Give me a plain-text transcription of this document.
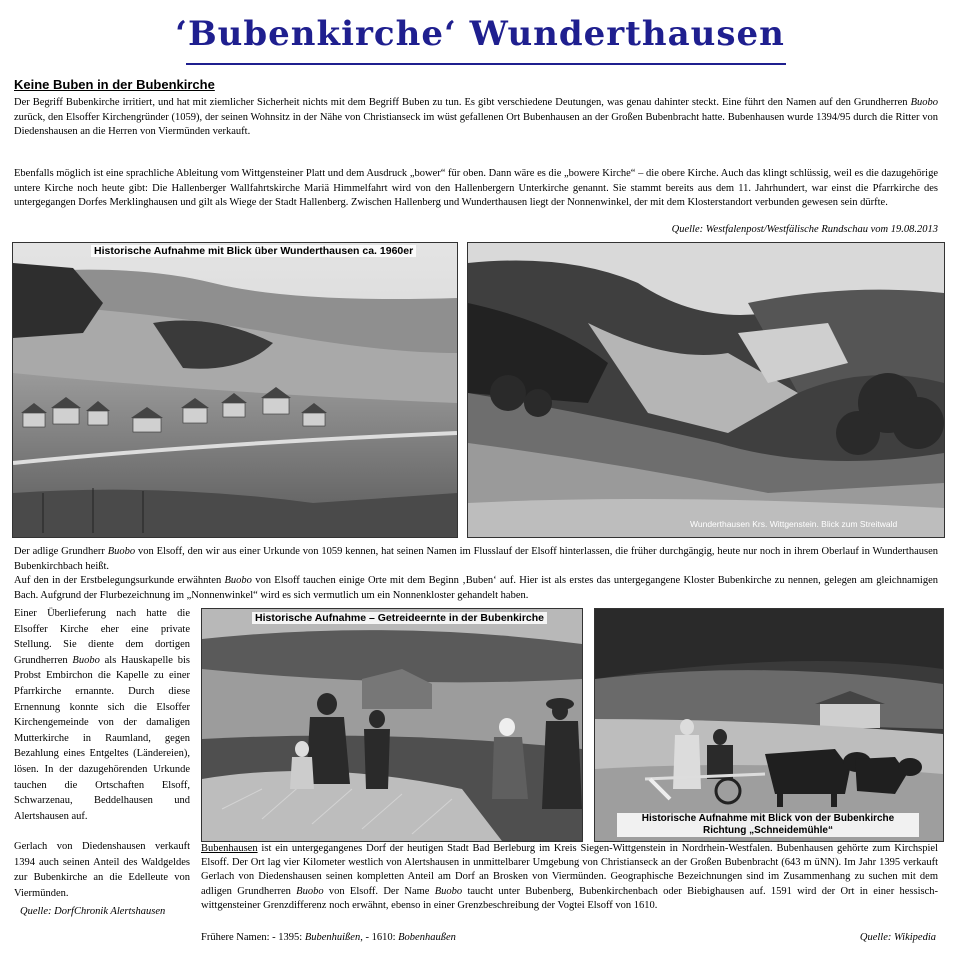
‘Bubenkirche‘ Wunderthausen
Keine Buben in der Bubenkirche
Der Begriff Bubenkirche irritiert, und hat mit ziemlicher Sicherheit nichts mit dem Begriff Buben zu tun. Es gibt verschiedene Deutungen, was genau dahinter steckt. Eine führt den Namen auf den Grundherren Buobo zurück, den Elsoffer Kirchengründer (1059), der seinen Wohnsitz in der Nähe von Christianseck im wüst gefallenen Ort Bubenhausen an der Großen Bubenbracht hatte. Bubenhausen wurde 1394/95 durch die Ritter von Diedenshausen an die Herren von Viermünden verkauft.
Ebenfalls möglich ist eine sprachliche Ableitung vom Wittgensteiner Platt und dem Ausdruck „bower“ für oben. Dann wäre es die „bowere Kirche“ – die obere Kirche. Auch das klingt schlüssig, weil es die dazugehörige untere Kirche noch heute gibt: Die Hallenberger Wallfahrtskirche Mariä Himmelfahrt wird von den Hallenbergern Unterkirche genannt. Sie stammt bereits aus dem 11. Jahrhundert, war einst die Pfarrkirche des untergegangen Dorfes Merklinghausen und gilt als Wiege der Stadt Hallenberg. Zwischen Hallenberg und Wunderthausen liegt der Nonnenwinkel, der mit dem Klosterstandort verbunden gewesen sein dürfte.
Quelle: Westfalenpost/Westfälische Rundschau vom 19.08.2013
Historische Aufnahme mit Blick über Wunderthausen ca. 1960er
Wunderthausen Krs. Wittgenstein. Blick zum Streitwald
Der adlige Grundherr Buobo von Elsoff, den wir aus einer Urkunde von 1059 kennen, hat seinen Namen im Flusslauf der Elsoff hinterlassen, die früher durchgängig, heute nur noch in ihrem Oberlauf in Wunderthausen Bubenkirchbach heißt.
Auf den in der Erstbelegungsurkunde erwähnten Buobo von Elsoff tauchen einige Orte mit dem Beginn ‚Buben‘ auf. Hier ist als erstes das untergegangene Kloster Bubenkirche zu nennen, gelegen am gleichnamigen Bach. Aufgrund der Flurbezeichnung im „Nonnenwinkel“ wird es sich vermutlich um ein Nonnenkloster gehandelt haben.
Einer Überlieferung nach hatte die Elsoffer Kirche eher eine private Stellung. Sie diente dem dortigen Grundherren Buobo als Hauskapelle bis Probst Embirchon die Kapelle zu einer Pfarrkirche ernannte. Durch diese Ernennung konnte sich die Elsoffer Kirchengemeinde von der damaligen Mutterkirche in Raumland, gegen Bezahlung eines Entgeltes (Ländereien), lösen. In der dazugehörenden Urkunde tauchen die Ortschaften Elsoff, Schwarzenau, Beddelhausen und Alertshausen auf.
Gerlach von Diedenshausen verkauft 1394 auch seinen Anteil des Waldgeldes zur Bubenkirche an die Edelleute von Viermünden.
Quelle: DorfChronik Alertshausen
Historische Aufnahme – Getreideernte in der Bubenkirche
Historische Aufnahme mit Blick von der Bubenkirche
Richtung „Schneidemühle“
Bubenhausen ist ein untergegangenes Dorf der heutigen Stadt Bad Berleburg im Kreis Siegen-Wittgenstein in Nordrhein-Westfalen. Bubenhausen gehörte zum Kirchspiel Elsoff. Der Ort lag vier Kilometer westlich von Alertshausen in unmittelbarer Umgebung von Christianseck an der Großen Bubenbracht (643 m üNN). Im Jahr 1395 verkauft Gerlach von Diedenshausen seinen kompletten Anteil am Dorf an Brosken von Viermünden. Geographische Bezeichnungen sind im Zusammenhang zu suchen mit dem adligen Grundherren Buobo von Elsoff. Der Name Buobo taucht unter Bubenberg, Bubenkirchenbach oder Biebighausen auf. 1591 wird der Ort in einer hessisch-wittgensteiner Grenzdifferenz noch erwähnt, ebenso in einer Grenzbeschreibung der Vogtei Elsoff von 1610.
Frühere Namen: - 1395: Bubenhuißen, - 1610: Bobenhaußen	Quelle: Wikipedia
